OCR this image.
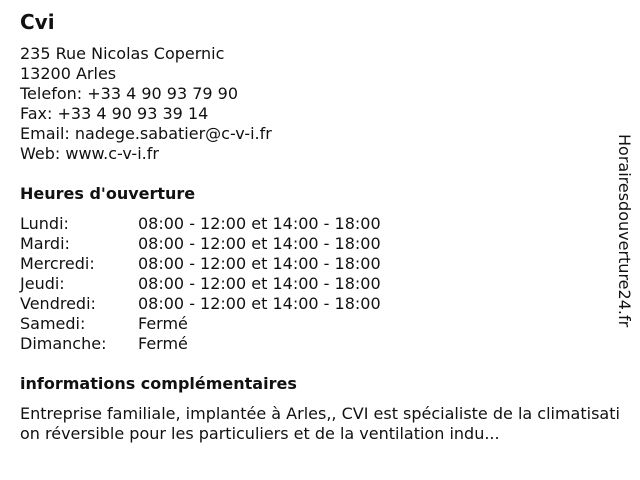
Cvi
235 Rue Nicolas Copernic
13200 Arles
Telefon: +33 4 90 93 79 90
Fax: +33 4 90 93 39 14
Email: nadege.sabatier@c-v-i.fr
Web: www.c-v-i.fr
Heures d'ouverture
Lundi:	08:00 - 12:00 et 14:00 - 18:00
Mardi:	08:00 - 12:00 et 14:00 - 18:00
Mercredi:	08:00 - 12:00 et 14:00 - 18:00
Jeudi:	08:00 - 12:00 et 14:00 - 18:00
Vendredi:	08:00 - 12:00 et 14:00 - 18:00
Samedi:	Fermé
Dimanche: Fermé
informations complémentaires
Entreprise familiale, implantée à Arles,, CVI est spécialiste de la climatisation réversible pour les particuliers et de la ventilation indu...
Horairesdouverture24.fr
